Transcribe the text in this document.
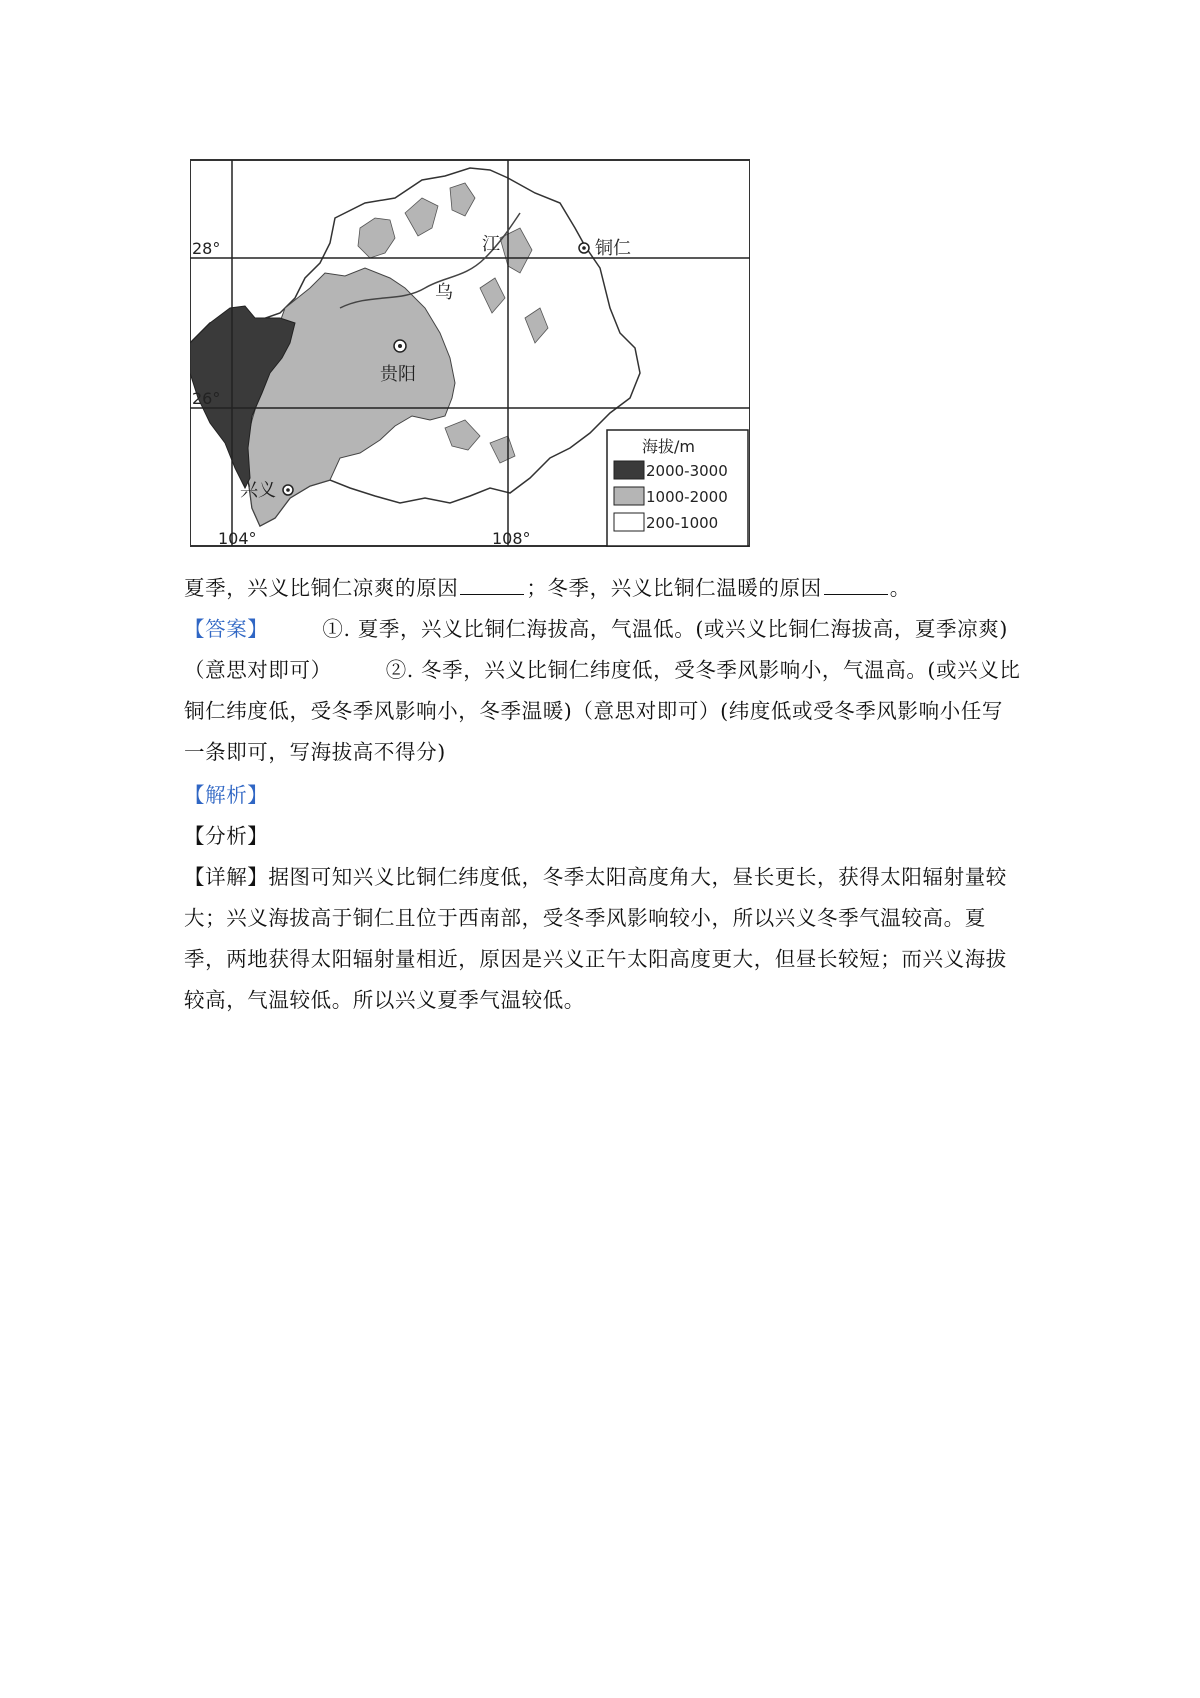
28°
26°
104°	108°
贵阳
铜仁
兴义
乌
江
海拔/m
2000-3000
1000-2000
200-1000
夏季，兴义比铜仁凉爽的原因	；冬季，兴义比铜仁温暖的原因	。
【答案】	①. 夏季，兴义比铜仁海拔高，气温低。(或兴义比铜仁海拔高，夏季凉爽)（意思对即可）	②. 冬季，兴义比铜仁纬度低，受冬季风影响小，气温高。(或兴义比铜仁纬度低，受冬季风影响小，冬季温暖)（意思对即可）(纬度低或受冬季风影响小任写一条即可，写海拔高不得分)
【解析】
【分析】
【详解】据图可知兴义比铜仁纬度低，冬季太阳高度角大，昼长更长，获得太阳辐射量较大；兴义海拔高于铜仁且位于西南部，受冬季风影响较小，所以兴义冬季气温较高。夏季，两地获得太阳辐射量相近，原因是兴义正午太阳高度更大，但昼长较短；而兴义海拔较高，气温较低。所以兴义夏季气温较低。
